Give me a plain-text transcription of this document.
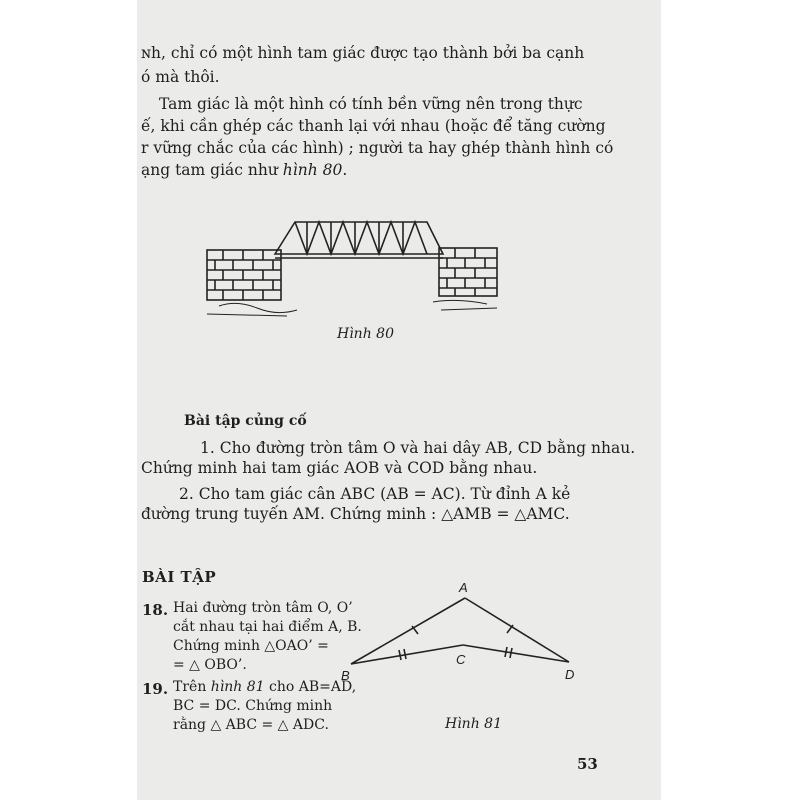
ɴh, chỉ có một hình tam giác được tạo thành bởi ba cạnh
ó mà thôi.
Tam giác là một hình có tính bền vững nên trong thực
ế, khi cần ghép các thanh lại với nhau (hoặc để tăng cường
r vững chắc của các hình) ; người ta hay ghép thành hình có
ạng tam giác như hình 80.
Hình 80
Bài tập củng cố
1. Cho đường tròn tâm O và hai dây AB, CD bằng nhau.
Chứng minh hai tam giác AOB và COD bằng nhau.
2. Cho tam giác cân ABC (AB = AC). Từ đỉnh A kẻ
đường trung tuyến AM. Chứng minh : △AMB = △AMC.
BÀI TẬP
18. Hai đường tròn tâm O, O’
cắt nhau tại hai điểm A, B.
Chứng minh △OAO’ =
= △ OBO’.
19. Trên hình 81 cho AB=AD,
BC = DC. Chứng minh
rằng △ ABC = △ ADC.
A
B
C
D
Hình 81
53
